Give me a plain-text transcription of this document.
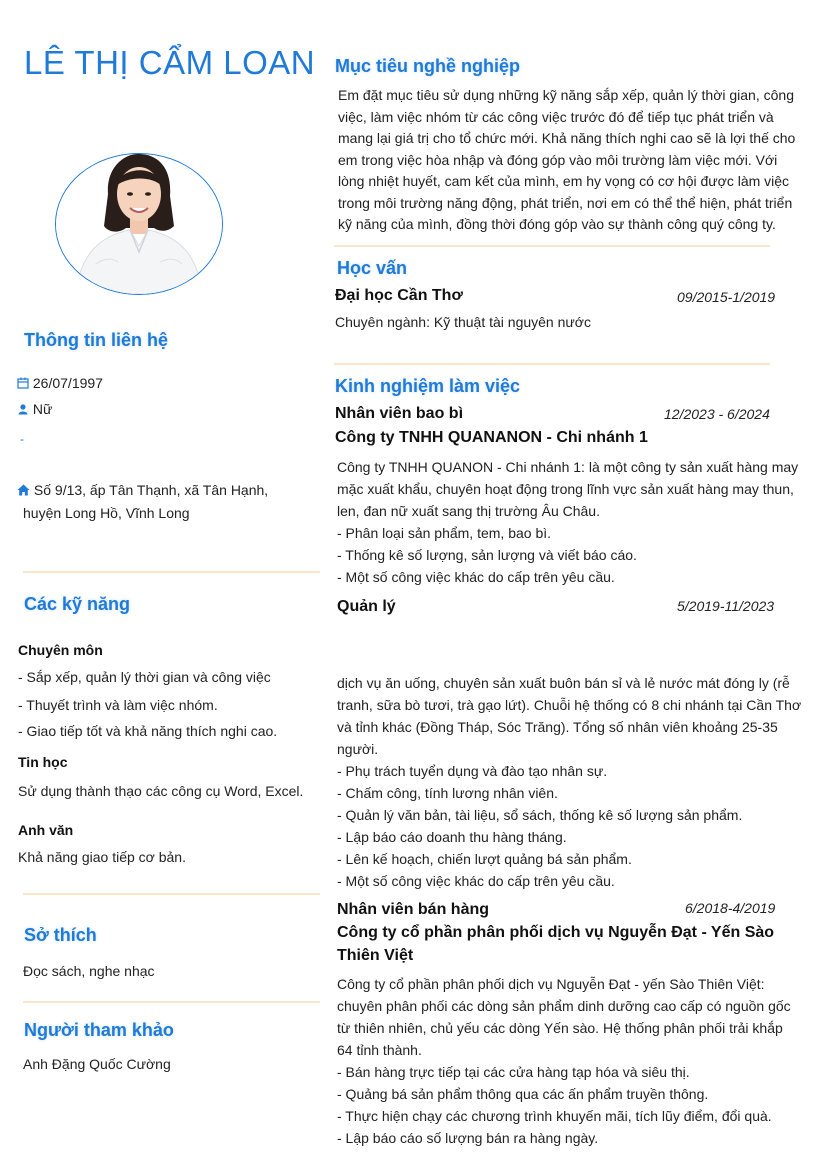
LÊ THỊ CẨM LOAN
Thông tin liên hệ
26/07/1997
Nữ
-
Số 9/13, ấp Tân Thạnh, xã Tân Hạnh,
huyện Long Hồ, Vĩnh Long
Các kỹ năng
Chuyên môn
- Sắp xếp, quản lý thời gian và công việc
- Thuyết trình và làm việc nhóm.
- Giao tiếp tốt và khả năng thích nghi cao.
Tin học
Sử dụng thành thạo các công cụ Word, Excel.
Anh văn
Khả năng giao tiếp cơ bản.
Sở thích
Đọc sách, nghe nhạc
Người tham khảo
Anh Đặng Quốc Cường
Mục tiêu nghề nghiệp
Em đặt mục tiêu sử dụng những kỹ năng sắp xếp, quản lý thời gian, công
việc, làm việc nhóm từ các công việc trước đó để tiếp tục phát triển và
mang lại giá trị cho tổ chức mới. Khả năng thích nghi cao sẽ là lợi thế cho
em trong việc hòa nhập và đóng góp vào môi trường làm việc mới. Với
lòng nhiệt huyết, cam kết của mình, em hy vọng có cơ hội được làm việc
trong môi trường năng động, phát triển, nơi em có thể thể hiện, phát triển
kỹ năng của mình, đồng thời đóng góp vào sự thành công quý công ty.
Học vấn
Đại học Cần Thơ	09/2015-1/2019
Chuyên ngành: Kỹ thuật tài nguyên nước
Kinh nghiệm làm việc
Nhân viên bao bì	12/2023 - 6/2024
Công ty TNHH QUANANON - Chi nhánh 1
Công ty TNHH QUANON - Chi nhánh 1: là một công ty sản xuất hàng may
mặc xuất khẩu, chuyên hoạt động trong lĩnh vực sản xuất hàng may thun,
len, đan nữ xuất sang thị trường Âu Châu.
- Phân loại sản phẩm, tem, bao bì.
- Thống kê số lượng, sản lượng và viết báo cáo.
- Một số công việc khác do cấp trên yêu cầu.
Quản lý	5/2019-11/2023
dịch vụ ăn uống, chuyên sản xuất buôn bán sỉ và lẻ nước mát đóng ly (rễ
tranh, sữa bò tươi, trà gạo lứt). Chuỗi hệ thống có 8 chi nhánh tại Cần Thơ
và tỉnh khác (Đồng Tháp, Sóc Trăng). Tổng số nhân viên khoảng 25-35
người.
- Phụ trách tuyển dụng và đào tạo nhân sự.
- Chấm công, tính lương nhân viên.
- Quản lý văn bản, tài liệu, sổ sách, thống kê số lượng sản phẩm.
- Lập báo cáo doanh thu hàng tháng.
- Lên kế hoạch, chiến lượt quảng bá sản phẩm.
- Một số công việc khác do cấp trên yêu cầu.
Nhân viên bán hàng	6/2018-4/2019
Công ty cổ phần phân phối dịch vụ Nguyễn Đạt - Yến Sào
Thiên Việt
Công ty cổ phần phân phối dịch vụ Nguyễn Đạt - yến Sào Thiên Việt:
chuyên phân phối các dòng sản phẩm dinh dưỡng cao cấp có nguồn gốc
từ thiên nhiên, chủ yếu các dòng Yến sào. Hệ thống phân phối trải khắp
64 tỉnh thành.
- Bán hàng trực tiếp tại các cửa hàng tạp hóa và siêu thị.
- Quảng bá sản phẩm thông qua các ấn phẩm truyền thông.
- Thực hiện chạy các chương trình khuyến mãi, tích lũy điểm, đổi quà.
- Lập báo cáo số lượng bán ra hàng ngày.
